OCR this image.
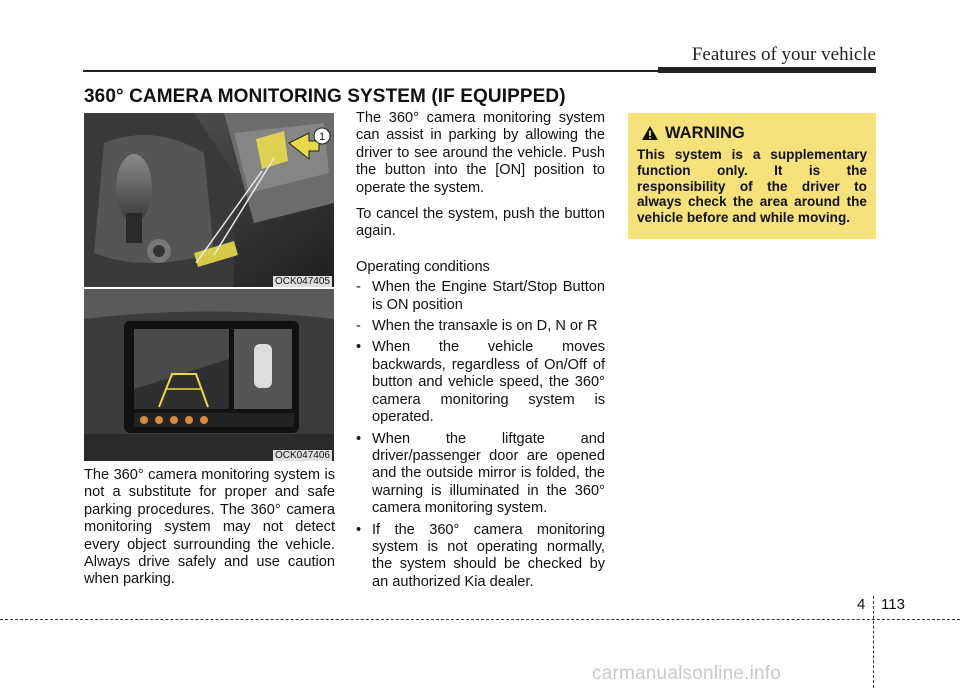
Features of your vehicle
360° CAMERA MONITORING SYSTEM (IF EQUIPPED)
1
OCK047405
OCK047406

The 360° camera monitoring system is not a substitute for proper and safe parking procedures. The 360° camera monitoring system may not detect every object surrounding the vehicle. Always drive safely and use caution when parking.

The 360° camera monitoring system can assist in parking by allowing the driver to see around the vehicle. Push the button into the [ON] position to operate the system.

To cancel the system, push the button again.

Operating conditions

- When the Engine Start/Stop Button is ON position
- When the transaxle is on D, N or R
• When the vehicle moves backwards, regardless of On/Off of button and vehicle speed, the 360° camera monitoring system is operated.
• When the liftgate and driver/passenger door are opened and the outside mirror is folded, the warning is illuminated in the 360° camera monitoring system.
• If the 360° camera monitoring system is not operating normally, the system should be checked by an authorized Kia dealer.
WARNING
This system is a supplementary function only. It is the responsibility of the driver to always check the area around the vehicle before and while moving.
4 113
carmanualsonline.info
